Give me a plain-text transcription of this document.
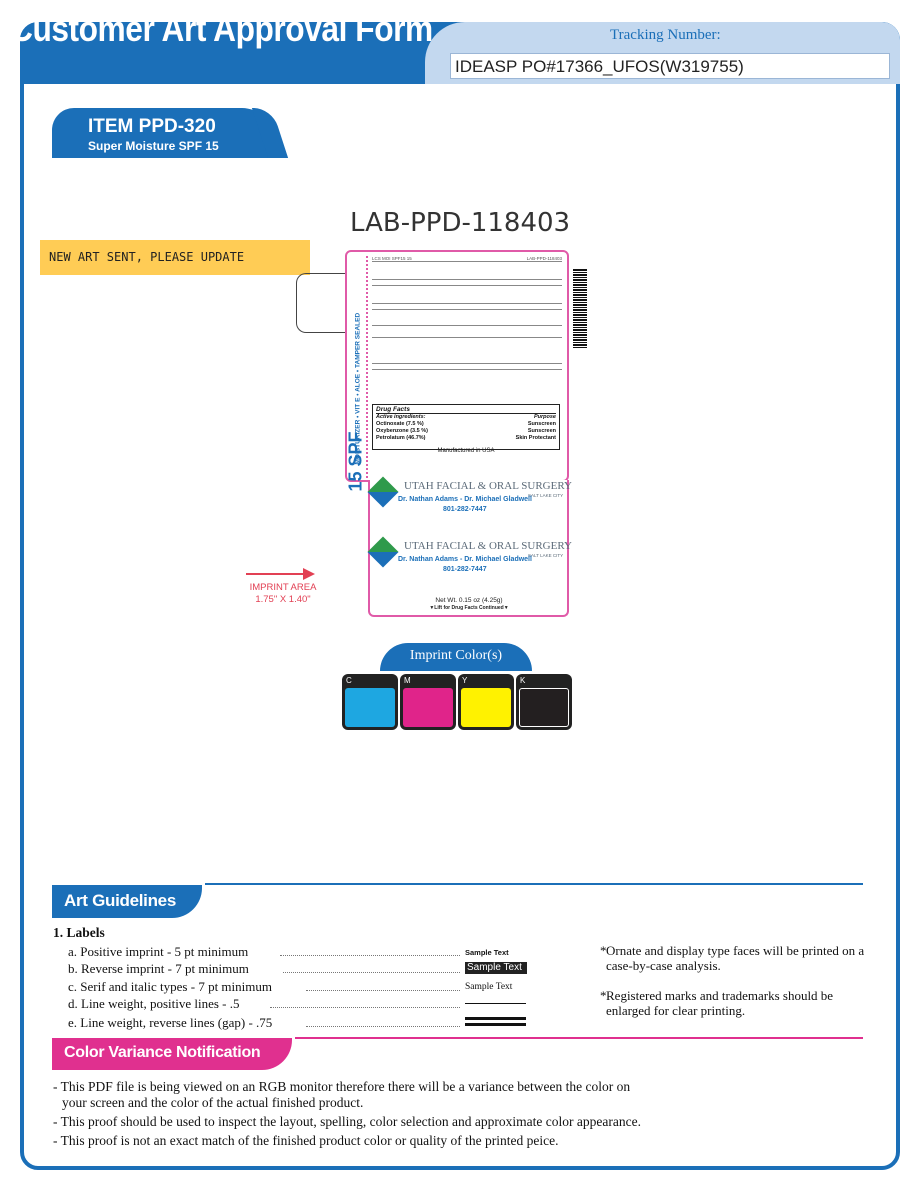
Customer Art Approval Form	Tracking Number:
IDEASP PO#17366_UFOS(W319755)
ITEM PPD-320
Super Moisture SPF 15
LAB-PPD-118403
NEW ART SENT, PLEASE UPDATE
MOISTURIZER • VIT E • ALOE • TAMPER SEALED
15 SPF
LCS MOI SPF15 15	LAB-PPD-118403
Drug Facts
Active ingredients:	Purpose
Octinoxate (7.5 %)	Sunscreen
Oxybenzone (3.5 %)	Sunscreen
Petrolatum (46.7%)	Skin Protectant
Manufactured in USA
UTAH FACIAL & ORAL SURGERY
SALT LAKE CITY
Dr. Nathan Adams - Dr. Michael Gladwell
801-282-7447
UTAH FACIAL & ORAL SURGERY
SALT LAKE CITY
Dr. Nathan Adams - Dr. Michael Gladwell
801-282-7447
Net Wt. 0.15 oz (4.25g)
▼Lift for Drug Facts Continued▼
IMPRINT AREA
1.75" X 1.40"
Imprint Color(s)
C	M	Y	K
Art Guidelines
1. Labels
a. Positive imprint - 5 pt minimum	Sample Text
b. Reverse imprint - 7 pt minimum	Sample Text
c. Serif and italic types - 7 pt minimum	Sample Text
d. Line weight, positive lines - .5
e. Line weight, reverse lines (gap) - .75
* Ornate and display type faces will be printed on a case-by-case analysis.
* Registered marks and trademarks should be enlarged for clear printing.
Color Variance Notification
- This PDF file is being viewed on an RGB monitor therefore there will be a variance between the color on
your screen and the color of the actual finished product.
- This proof should be used to inspect the layout, spelling, color selection and approximate color appearance.
- This proof is not an exact match of the finished product color or quality of the printed peice.
